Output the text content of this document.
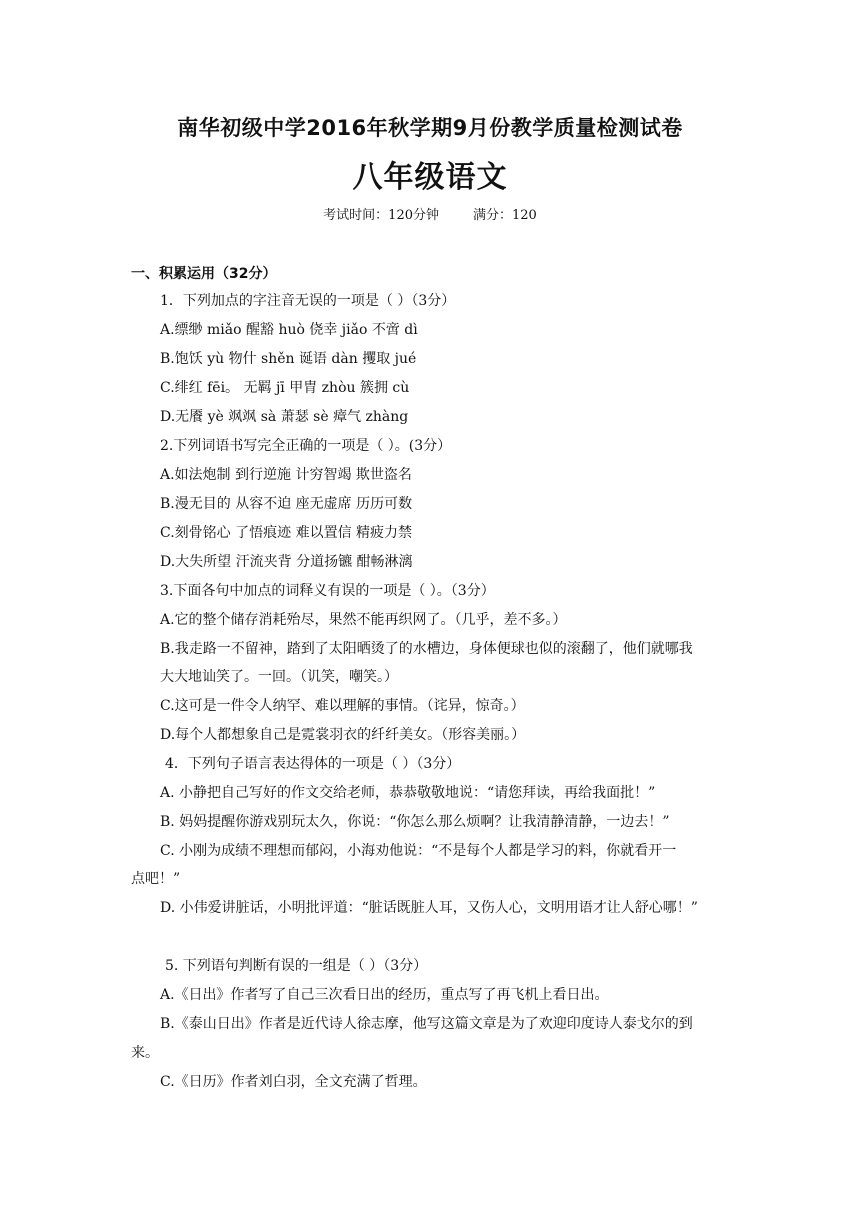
南华初级中学2016年秋学期9月份教学质量检测试卷
八年级语文
考试时间：120分钟	满分：120
一、积累运用（32分）
1．下列加点的字注音无误的一项是（ ）（3分）
A.缥缈 miǎo 醒豁 huò 侥幸 jiǎo 不啻 dì
B.饱饫 yù 物什 shěn 诞语 dàn 攫取 jué
C.绯红 fēi。 无羁 jī 甲胄 zhòu 簇拥 cù
D.无餍 yè 飒飒 sà 萧瑟 sè 瘴气 zhàng
2.下列词语书写完全正确的一项是（ ）。(3分）
A.如法炮制 到行逆施 计穷智竭 欺世盗名
B.漫无目的 从容不迫 座无虚席 历历可数
C.刻骨铭心 了悟痕迹 难以置信 精疲力禁
D.大失所望 汗流夹背 分道扬镳 酣畅淋漓
3.下面各句中加点的词释义有误的一项是（ ）。（3分）
A.它的整个储存消耗殆尽，果然不能再织网了。（几乎，差不多。）
B.我走路一不留神，踏到了太阳晒烫了的水槽边，身体便球也似的滚翻了，他们就哪我
大大地讪笑了。一回。（讥笑，嘲笑。）
C.这可是一件令人纳罕、难以理解的事情。（诧异，惊奇。）
D.每个人都想象自己是霓裳羽衣的纤纤美女。（形容美丽。）
4．下列句子语言表达得体的一项是（ ）（3分）
A. 小静把自己写好的作文交给老师，恭恭敬敬地说：“请您拜读，再给我面批！”
B. 妈妈提醒你游戏别玩太久，你说：“你怎么那么烦啊？让我清静清静，一边去！”
C. 小刚为成绩不理想而郁闷，小海劝他说：“不是每个人都是学习的料，你就看开一
点吧！”
D. 小伟爱讲脏话，小明批评道：“脏话既脏人耳，又伤人心，文明用语才让人舒心哪！”
5. 下列语句判断有误的一组是（ ）（3分）
A.《日出》作者写了自己三次看日出的经历，重点写了再飞机上看日出。
B.《泰山日出》作者是近代诗人徐志摩，他写这篇文章是为了欢迎印度诗人泰戈尔的到
来。
C.《日历》作者刘白羽，全文充满了哲理。
